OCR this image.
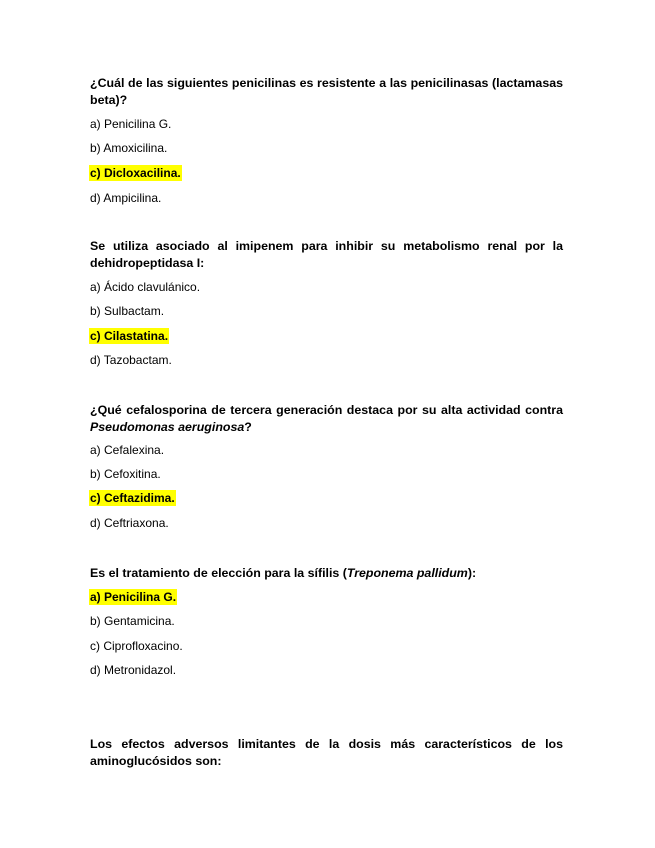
¿Cuál de las siguientes penicilinas es resistente a las penicilinasas (lactamasas beta)?
a) Penicilina G.
b) Amoxicilina.
c) Dicloxacilina.
d) Ampicilina.
Se utiliza asociado al imipenem para inhibir su metabolismo renal por la dehidropeptidasa I:
a) Ácido clavulánico.
b) Sulbactam.
c) Cilastatina.
d) Tazobactam.
¿Qué cefalosporina de tercera generación destaca por su alta actividad contra Pseudomonas aeruginosa?
a) Cefalexina.
b) Cefoxitina.
c) Ceftazidima.
d) Ceftriaxona.
Es el tratamiento de elección para la sífilis (Treponema pallidum):
a) Penicilina G.
b) Gentamicina.
c) Ciprofloxacino.
d) Metronidazol.
Los efectos adversos limitantes de la dosis más característicos de los aminoglucósidos son:
